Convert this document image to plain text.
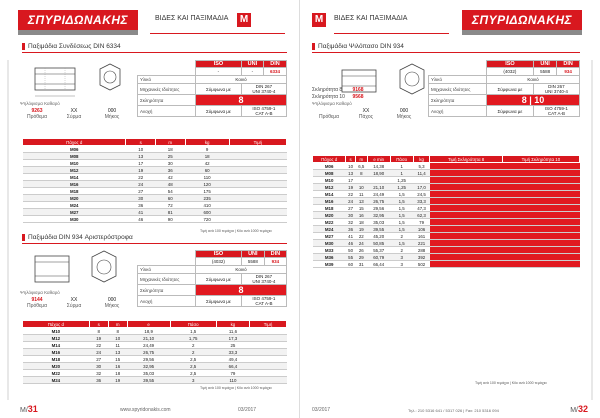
ΣΠΥΡΙΔΩΝΑΚΗΣ	ΒΙΔΕΣ ΚΑΙ ΠΑΞΙΜΑΔΙΑ M
Παξιμάδια Συνδέσεως DIN 6334
	ISO	UNI	DIN
	-	-	6334
Υλικό	Κοινό		
Μηχανικές Ιδιότητες	Σύμφωνα με	DIN 267
UNI 3740-4	
Σκληρότητα	8		
Ανοχή	Σύμφωνα με	ISO 4759-1
CAT A-B	
Ψηλόφισμα Καθαρό
9263	XX	000
Πρόθεμα	Σύρμα	Μήκος
Πάχος d	s	m	kg	Τιμή
M06	10	18	9	
M08	13	25	18	
M10	17	30	42	
M12	19	36	60	
M14	22	42	110	
M16	24	48	120	
M18	27	54	175	
M20	30	60	235	
M24	36	72	410	
M27	41	81	600	
M30	46	90	720	
Τιμή ανά 100 τεμάχια | Kilo ανά 1000 τεμάχια
Παξιμάδια DIN 934 Αριστερόστροφα
	ISO	UNI	DIN
	(4032)	5588	934
Υλικό	Κοινό		
Μηχανικές Ιδιότητες	Σύμφωνα με	DIN 267
UNI 3740-4	
Σκληρότητα	8		
Ανοχή	Σύμφωνα με	ISO 4759-1
CAT A-B	
Ψηλόφισμα Καθαρό
9144	XX	000
Πρόθεμα	Σύρμα	Μήκος
Πάχος d	s	m	e	Πάσο	kg	Τιμή
M10	8	8	18,9	1,5	11,6	
M12	19	10	21,10	1,75	17,3	
M14	22	11	24,49	2	25	
M16	24	13	26,75	2	33,3	
M18	27	15	29,56	2,5	49,4	
M20	30	16	32,95	2,5	66,4	
M22	32	18	35,03	2,5	79	
M24	36	19	39,55	3	110	
Τιμή ανά 100 τεμάχια | Kilo ανά 1000 τεμάχια
M/31	www.spyridonakis.com	03/2017
M	ΒΙΔΕΣ ΚΑΙ ΠΑΞΙΜΑΔΙΑ	ΣΠΥΡΙΔΩΝΑΚΗΣ
Παξιμάδια Ψιλόπασο DIN 934
Σκληρότητα 8	9168
Σκληρότητα 10	9568
	ISO	UNI	DIN
	(4032)	5588	934
Υλικό	Κοινό		
Μηχανικές Ιδιότητες	Σύμφωνα με	DIN 267
UNI 3740-4	
Σκληρότητα	8 | 10		
Ανοχή	Σύμφωνα με	ISO 4759-1
CAT A-B	
Ψηλόφισμα Καθαρό
XX	000
Πρόθεμα	Πάχος	Μήκος
Πάχος d	s	m	e min	Πάσο	kg	Τιμή Σκληρότητα 8	Τιμή Σκληρότητα 10
M06	10	6,5	14,38	1	5,3		
M08	13	8	18,90	1	11,4		
M10	17			1,25			
M12	19	10	21,10	1,25	17,0		
M14	22	11	24,49	1,5	24,5		
M16	24	13	26,75	1,5	33,3		
M18	27	15	29,56	1,5	47,3		
M20	30	16	32,95	1,5	62,3		
M22	32	18	35,03	1,5	79		
M24	36	19	39,55	1,5	106		
M27	41	22	45,20	2	161		
M30	46	24	50,85	1,5	221		
M33	50	26	55,37	2	288		
M36	55	29	60,79	3	392		
M39	60	31	66,44	3	502		
Τιμή ανά 100 τεμάχια | Kilo ανά 1000 τεμάχια
03/2017	Τηλ.: 210 5316 641 / 5317 026 | Fax: 210 5316 094	M/32
